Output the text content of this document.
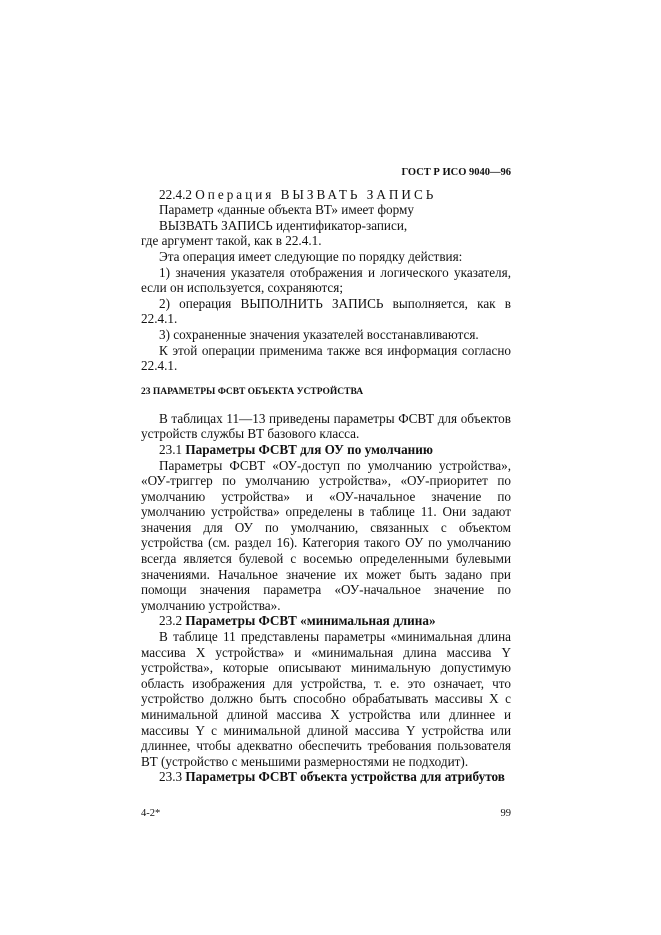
ГОСТ Р ИСО 9040—96

22.4.2 Операция ВЫЗВАТЬ ЗАПИСЬ

Параметр «данные объекта ВТ» имеет форму

ВЫЗВАТЬ ЗАПИСЬ идентификатор-записи,

где аргумент такой, как в 22.4.1.

Эта операция имеет следующие по порядку действия:

1) значения указателя отображения и логического указателя, если он используется, сохраняются;

2) операция ВЫПОЛНИТЬ ЗАПИСЬ выполняется, как в 22.4.1.

3) сохраненные значения указателей восстанавливаются.

К этой операции применима также вся информация согласно 22.4.1.

23 ПАРАМЕТРЫ ФСВТ ОБЪЕКТА УСТРОЙСТВА

В таблицах 11—13 приведены параметры ФСВТ для объектов устройств службы ВТ базового класса.

23.1 Параметры ФСВТ для ОУ по умолчанию

Параметры ФСВТ «ОУ-доступ по умолчанию устройства», «ОУ-триггер по умолчанию устройства», «ОУ-приоритет по умолчанию устройства» и «ОУ-начальное значение по умолчанию устройства» определены в таблице 11. Они задают значения для ОУ по умолчанию, связанных с объектом устройства (см. раздел 16). Категория такого ОУ по умолчанию всегда является булевой с восемью определенными булевыми значениями. Начальное значение их может быть задано при помощи значения параметра «ОУ-начальное значение по умолчанию устройства».

23.2 Параметры ФСВТ «минимальная длина»

В таблице 11 представлены параметры «минимальная длина массива X устройства» и «минимальная длина массива Y устройства», которые описывают минимальную допустимую область изображения для устройства, т. е. это означает, что устройство должно быть способно обрабатывать массивы X с минимальной длиной массива X устройства или длиннее и массивы Y с минимальной длиной массива Y устройства или длиннее, чтобы адекватно обеспечить требования пользователя ВТ (устройство с меньшими размерностями не подходит).

23.3 Параметры ФСВТ объекта устройства для атрибутов

4-2*	99
